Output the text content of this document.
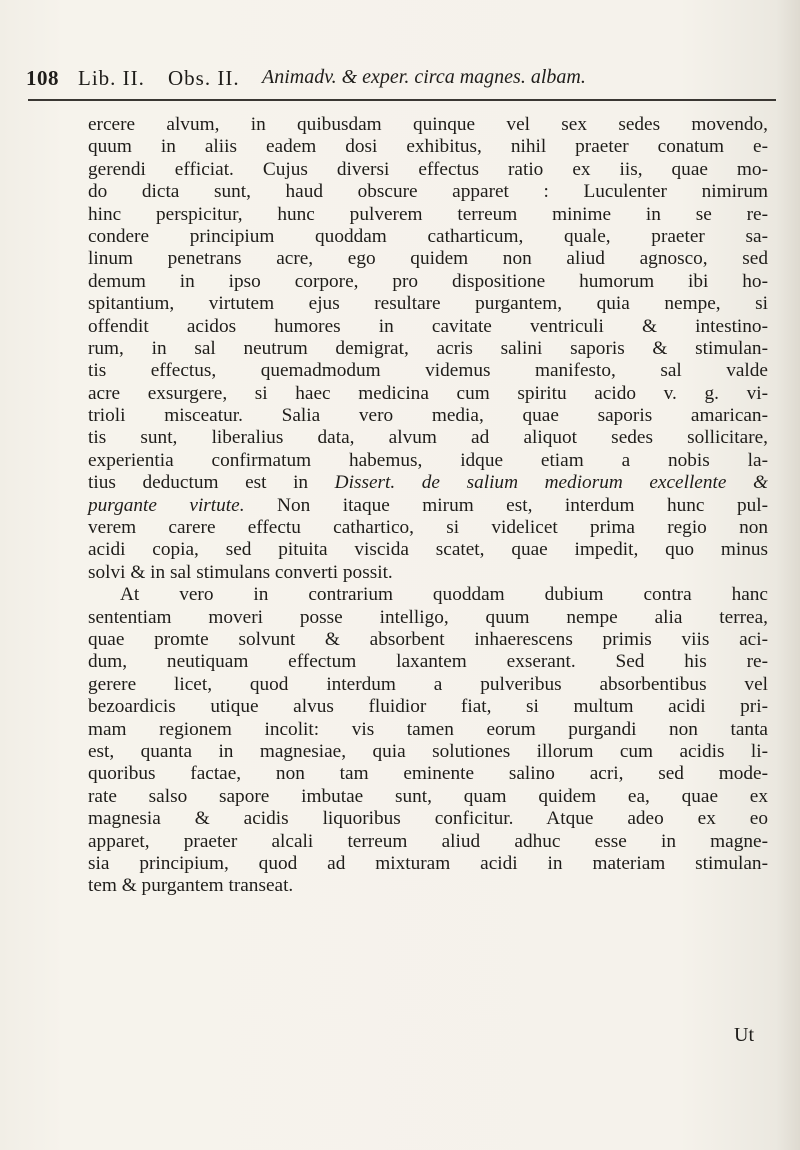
108 Lib. II. Obs. II. Animadv. & exper. circa magnes. albam.
ercere alvum, in quibusdam quinque vel sex sedes movendo,
quum in aliis eadem dosi exhibitus, nihil praeter conatum e-
gerendi efficiat. Cujus diversi effectus ratio ex iis, quae mo-
do dicta sunt, haud obscure apparet : Luculenter nimirum
hinc perspicitur, hunc pulverem terreum minime in se re-
condere principium quoddam catharticum, quale, praeter sa-
linum penetrans acre, ego quidem non aliud agnosco, sed
demum in ipso corpore, pro dispositione humorum ibi ho-
spitantium, virtutem ejus resultare purgantem, quia nempe, si
offendit acidos humores in cavitate ventriculi & intestino-
rum, in sal neutrum demigrat, acris salini saporis & stimulan-
tis effectus, quemadmodum videmus manifesto, sal valde
acre exsurgere, si haec medicina cum spiritu acido v. g. vi-
trioli misceatur. Salia vero media, quae saporis amarican-
tis sunt, liberalius data, alvum ad aliquot sedes sollicitare,
experientia confirmatum habemus, idque etiam a nobis la-
tius deductum est in Dissert. de salium mediorum excellente &
purgante virtute. Non itaque mirum est, interdum hunc pul-
verem carere effectu cathartico, si videlicet prima regio non
acidi copia, sed pituita viscida scatet, quae impedit, quo minus
solvi & in sal stimulans converti possit.
At vero in contrarium quoddam dubium contra hanc
sententiam moveri posse intelligo, quum nempe alia terrea,
quae promte solvunt & absorbent inhaerescens primis viis aci-
dum, neutiquam effectum laxantem exserant. Sed his re-
gerere licet, quod interdum a pulveribus absorbentibus vel
bezoardicis utique alvus fluidior fiat, si multum acidi pri-
mam regionem incolit: vis tamen eorum purgandi non tanta
est, quanta in magnesiae, quia solutiones illorum cum acidis li-
quoribus factae, non tam eminente salino acri, sed mode-
rate salso sapore imbutae sunt, quam quidem ea, quae ex
magnesia & acidis liquoribus conficitur. Atque adeo ex eo
apparet, praeter alcali terreum aliud adhuc esse in magne-
sia principium, quod ad mixturam acidi in materiam stimulan-
tem & purgantem transeat.
Ut
